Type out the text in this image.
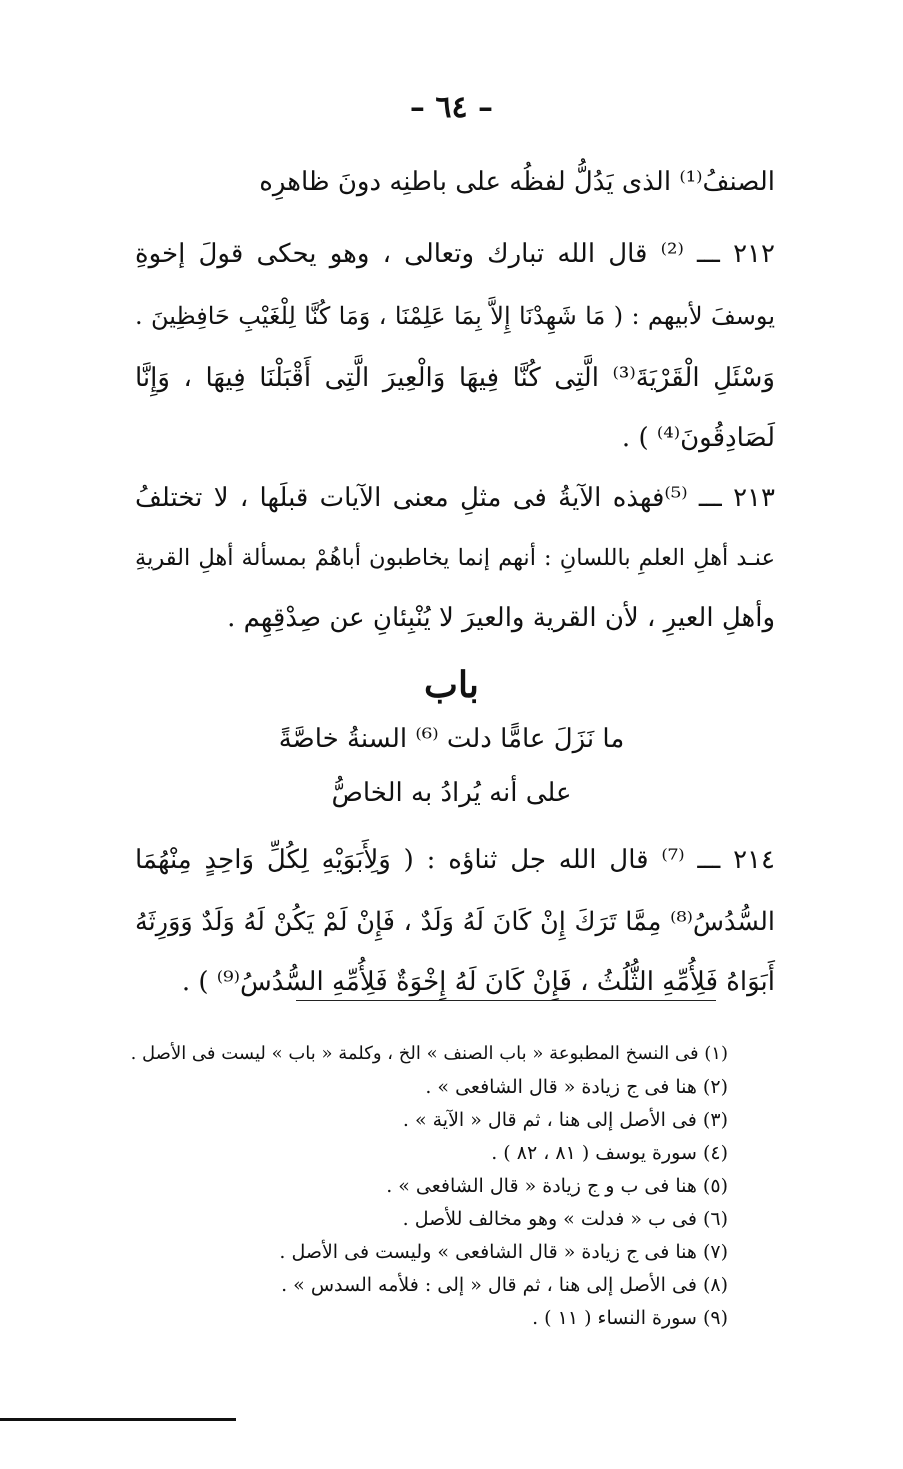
– ٦٤ –
الصنفُ⁽¹⁾ الذى يَدُلُّ لفظُه على باطنِه دونَ ظاهرِه
٢١٢ ـــ ⁽²⁾ قال الله تبارك وتعالى ، وهو يحكى قولَ إخوةِ
يوسفَ لأبيهم : ( مَا شَهِدْنَا إِلاَّ بِمَا عَلِمْنَا ، وَمَا كُنَّا لِلْغَيْبِ حَافِظِينَ .
وَسْئَلِ الْقَرْيَةَ⁽³⁾ الَّتِى كُنَّا فِيهَا وَالْعِيرَ الَّتِى أَقْبَلْنَا فِيهَا ، وَإِنَّا
لَصَادِقُونَ⁽⁴⁾ ) .
٢١٣ ـــ ⁽⁵⁾فهذه الآيةُ فى مثلِ معنى الآيات قبلَها ، لا تختلفُ
عنـد أهلِ العلمِ باللسانِ : أنهم إنما يخاطبون أباهُمْ بمسألة أهلِ القريةِ
وأهلِ العيرِ ، لأن القرية والعيرَ لا يُنْبِئانِ عن صِدْقِهِم .
باب
ما نَزَلَ عامًّا دلت ⁽⁶⁾ السنةُ خاصَّةً
على أنه يُرادُ به الخاصُّ
٢١٤ ـــ ⁽⁷⁾ قال الله جل ثناؤه : ( وَلِأَبَوَيْهِ لِكُلِّ وَاحِدٍ مِنْهُمَا
السُّدُسُ⁽⁸⁾ مِمَّا تَرَكَ إِنْ كَانَ لَهُ وَلَدٌ ، فَإِنْ لَمْ يَكُنْ لَهُ وَلَدٌ وَوَرِثَهُ
أَبَوَاهُ فَلِأُمِّهِ الثُّلُثُ ، فَإِنْ كَانَ لَهُ إِخْوَةٌ فَلِأُمِّهِ السُّدُسُ⁽⁹⁾ ) .
(١) فى النسخ المطبوعة « باب الصنف » الخ ، وكلمة « باب » ليست فى الأصل .
(٢) هنا فى ج زيادة « قال الشافعى » .
(٣) فى الأصل إلى هنا ، ثم قال « الآية » .
(٤) سورة يوسف ( ٨١ ، ٨٢ ) .
(٥) هنا فى ب و ج زيادة « قال الشافعى » .
(٦) فى ب « فدلت » وهو مخالف للأصل .
(٧) هنا فى ج زيادة « قال الشافعى » وليست فى الأصل .
(٨) فى الأصل إلى هنا ، ثم قال « إلى : فلأمه السدس » .
(٩) سورة النساء ( ١١ ) .
